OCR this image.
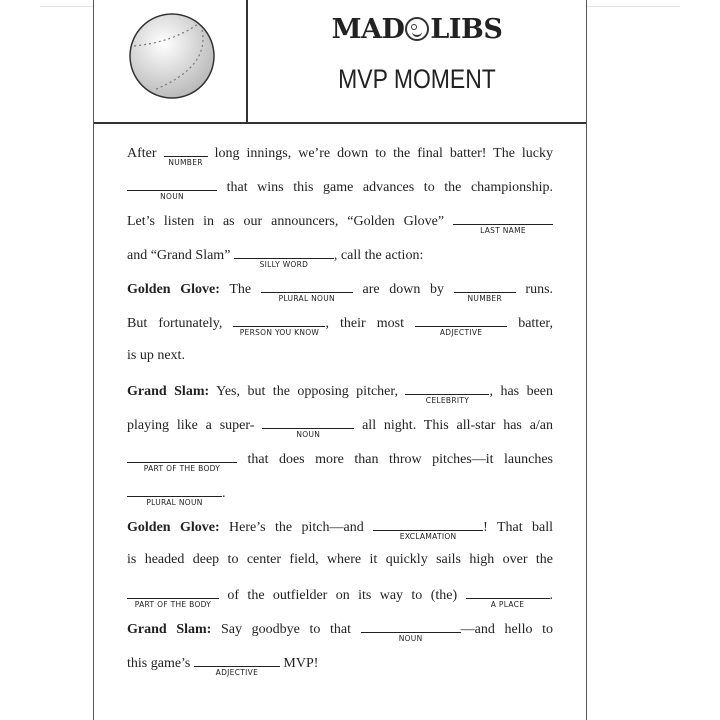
MAD LIBS
MVP MOMENT
After
NUMBER
long innings, we’re down to the final batter! The lucky
NOUN
that wins this game advances to the championship.
Let’s listen in as our announcers, “Golden Glove”
LAST NAME
and “Grand Slam”
SILLY WORD
, call the action:
Golden Glove: The
PLURAL NOUN
are down by
NUMBER
runs.
But fortunately,
PERSON YOU KNOW
, their most
ADJECTIVE
batter,
is up next.
Grand Slam: Yes, but the opposing pitcher,
CELEBRITY
, has been
playing like a super-
NOUN
all night. This all-star has a/an
PART OF THE BODY
that does more than throw pitches—it launches
PLURAL NOUN
.
Golden Glove: Here’s the pitch—and
EXCLAMATION
! That ball
is headed deep to center field, where it quickly sails high over the
PART OF THE BODY
of the outfielder on its way to (the)
A PLACE
.
Grand Slam: Say goodbye to that
NOUN
—and hello to
this game’s
ADJECTIVE
MVP!
